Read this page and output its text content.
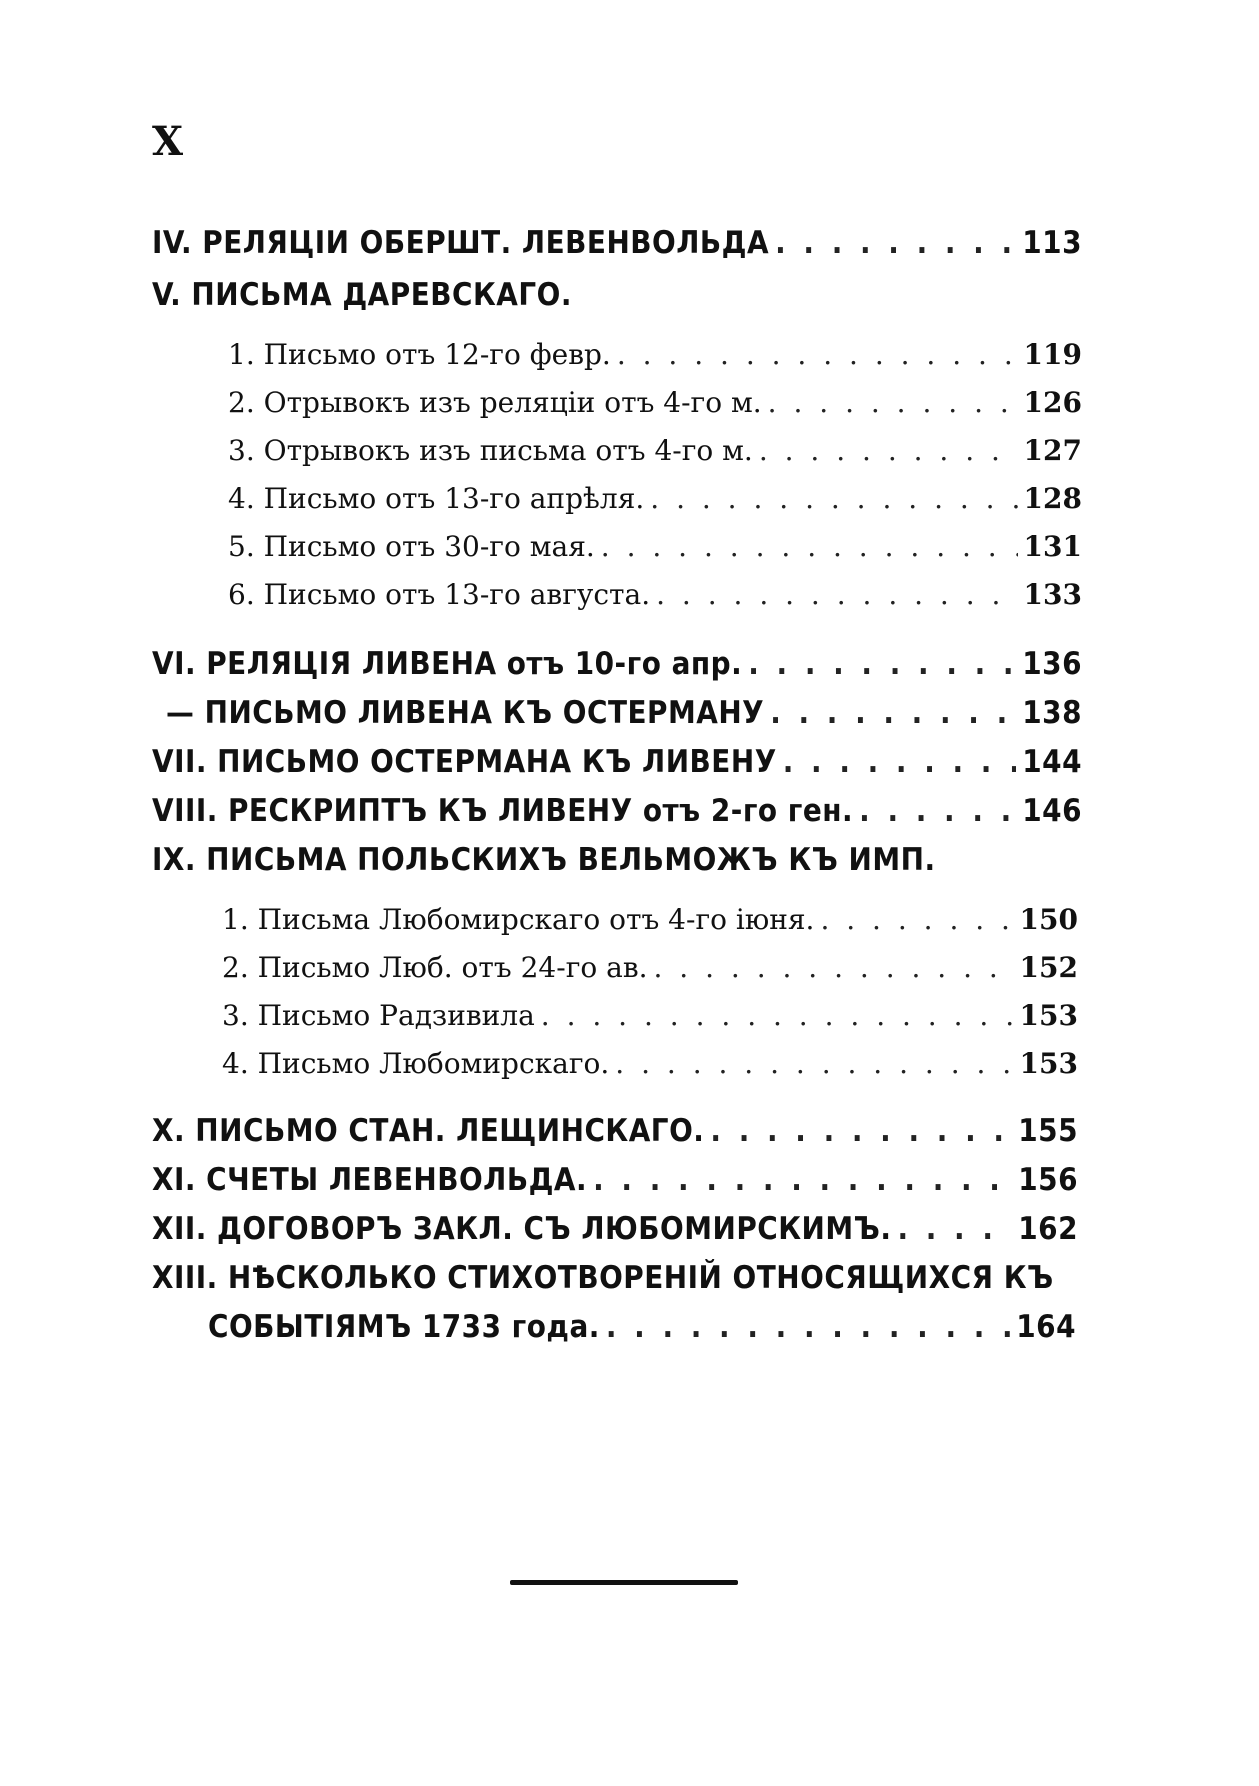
X
IV. РЕЛЯЦІИ ОБЕРШТ. ЛЕВЕНВОЛЬДА . . .	113
V. ПИСЬМА ДАРЕВСКАГО.
1. Письмо отъ 12-го февр. . . .	119
2. Отрывокъ изъ реляціи отъ 4-го м. . . .	126
3. Отрывокъ изъ письма отъ 4-го м. . . .	127
4. Письмо отъ 13-го апрѣля. . . .	128
5. Письмо отъ 30-го мая. . . .	131
6. Письмо отъ 13-го августа. . . .	133
VI. РЕЛЯЦІЯ ЛИВЕНА отъ 10-го апр. . . .	136
— ПИСЬМО ЛИВЕНА КЪ ОСТЕРМАНУ . . .	138
VII. ПИСЬМО ОСТЕРМАНА КЪ ЛИВЕНУ . . .	144
VIII. РЕСКРИПТЪ КЪ ЛИВЕНУ отъ 2-го ген. . . .	146
IX. ПИСЬМА ПОЛЬСКИХЪ ВЕЛЬМОЖЪ КЪ ИМП.
1. Письма Любомирскаго отъ 4-го іюня. . . .	150
2. Письмо Люб. отъ 24-го ав. . . .	152
3. Письмо Радзивила . . .	153
4. Письмо Любомирскаго. . . .	153
X. ПИСЬМО СТАН. ЛЕЩИНСКАГО. . . .	155
XI. СЧЕТЫ ЛЕВЕНВОЛЬДА. . . .	156
XII. ДОГОВОРЪ ЗАКЛ. СЪ ЛЮБОМИРСКИМЪ. . . .	162
XIII. НѢСКОЛЬКО СТИХОТВОРЕНІЙ ОТНОСЯЩИХСЯ КЪ
СОБЫТІЯМЪ 1733 года. . . .	164
